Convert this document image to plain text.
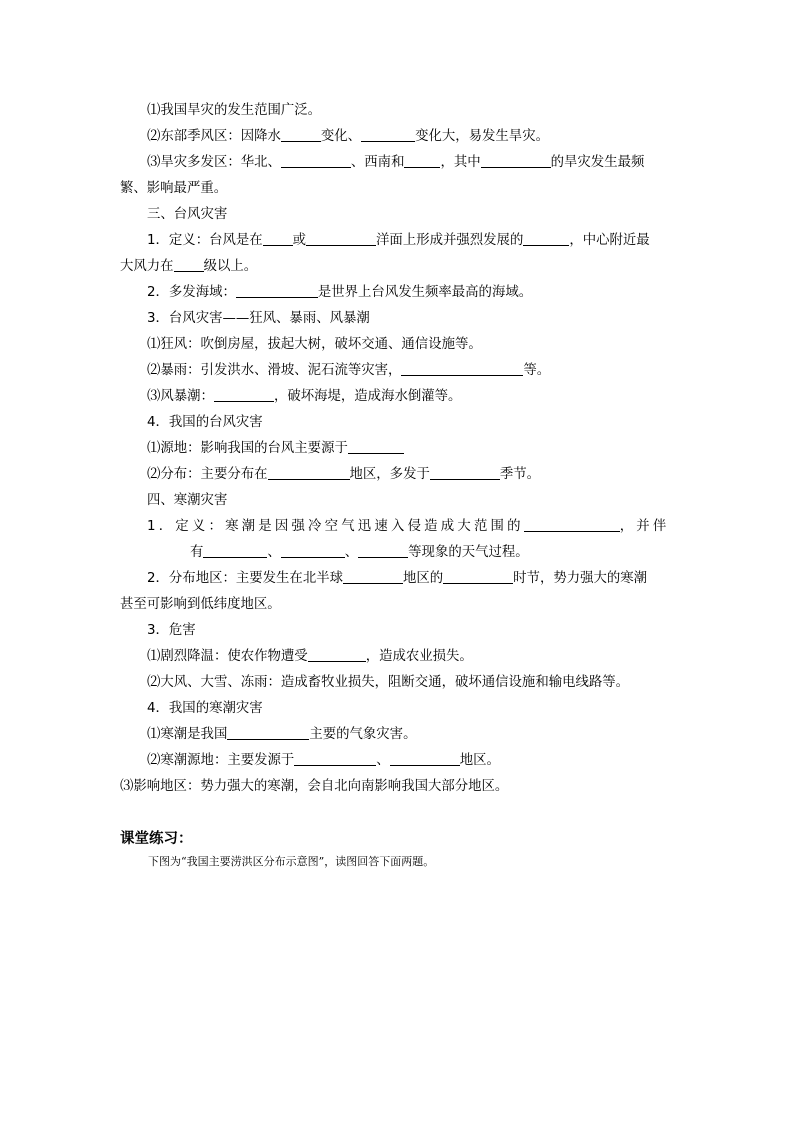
⑴我国旱灾的发生范围广泛。
⑵东部季风区：因降水	变化、	变化大，易发生旱灾。
⑶旱灾多发区：华北、	、西南和	，其中	的旱灾发生最频
繁、影响最严重。
三、台风灾害
1．定义：台风是在 或	洋面上形成并强烈发展的	，中心附近最
大风力在 级以上。
2．多发海域：	是世界上台风发生频率最高的海域。
3．台风灾害——狂风、暴雨、风暴潮
⑴狂风：吹倒房屋，拔起大树，破坏交通、通信设施等。
⑵暴雨：引发洪水、滑坡、泥石流等灾害，	等。
⑶风暴潮：	，破坏海堤，造成海水倒灌等。
4．我国的台风灾害
⑴源地：影响我国的台风主要源于
⑵分布：主要分布在	地区，多发于	季节。
四、寒潮灾害
1．定义：寒潮是因强冷空气迅速入侵造成大范围的	，并伴
有	、	、	等现象的天气过程。
2．分布地区：主要发生在北半球	地区的	时节，势力强大的寒潮
甚至可影响到低纬度地区。
3．危害
⑴剧烈降温：使农作物遭受	，造成农业损失。
⑵大风、大雪、冻雨：造成畜牧业损失，阻断交通，破坏通信设施和输电线路等。
4．我国的寒潮灾害
⑴寒潮是我国	主要的气象灾害。
⑵寒潮源地：主要发源于	、	地区。
⑶影响地区：势力强大的寒潮，会自北向南影响我国大部分地区。
课堂练习：
下图为“我国主要涝洪区分布示意图”，读图回答下面两题。
